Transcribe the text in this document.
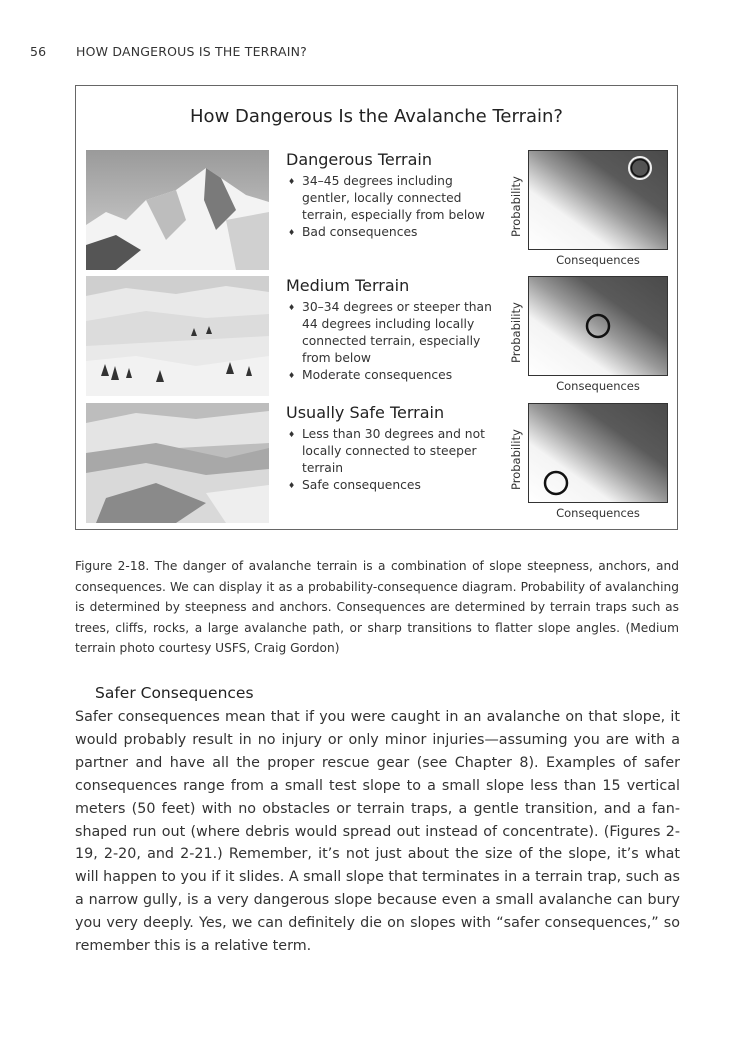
56 HOW DANGEROUS IS THE TERRAIN?
How Dangerous Is the Avalanche Terrain?
Dangerous Terrain
♦ 34–45 degrees including gentler, locally connected terrain, especially from below
♦ Bad consequences	Probability
Consequences
Medium Terrain
♦ 30–34 degrees or steeper than 44 degrees including locally connected terrain, especially from below
♦ Moderate consequences
Probability
Consequences
Usually Safe Terrain
♦ Less than 30 degrees and not locally connected to steeper terrain
♦ Safe consequences	Probability
Consequences
Figure 2-18. The danger of avalanche terrain is a combination of slope steepness, anchors, and consequences. We can display it as a probability-consequence diagram. Probability of avalanching is determined by steepness and anchors. Consequences are determined by terrain traps such as trees, cliffs, rocks, a large avalanche path, or sharp transitions to flatter slope angles. (Medium terrain photo courtesy USFS, Craig Gordon)
Safer Consequences
Safer consequences mean that if you were caught in an avalanche on that slope, it would probably result in no injury or only minor injuries—assuming you are with a partner and have all the proper rescue gear (see Chapter 8). Examples of safer consequences range from a small test slope to a small slope less than 15 vertical meters (50 feet) with no obstacles or terrain traps, a gentle transition, and a fan-shaped run out (where debris would spread out instead of concentrate). (Figures 2-19, 2-20, and 2-21.) Remember, it’s not just about the size of the slope, it’s what will happen to you if it slides. A small slope that terminates in a terrain trap, such as a narrow gully, is a very dangerous slope because even a small avalanche can bury you very deeply. Yes, we can definitely die on slopes with “safer consequences,” so remember this is a relative term.
